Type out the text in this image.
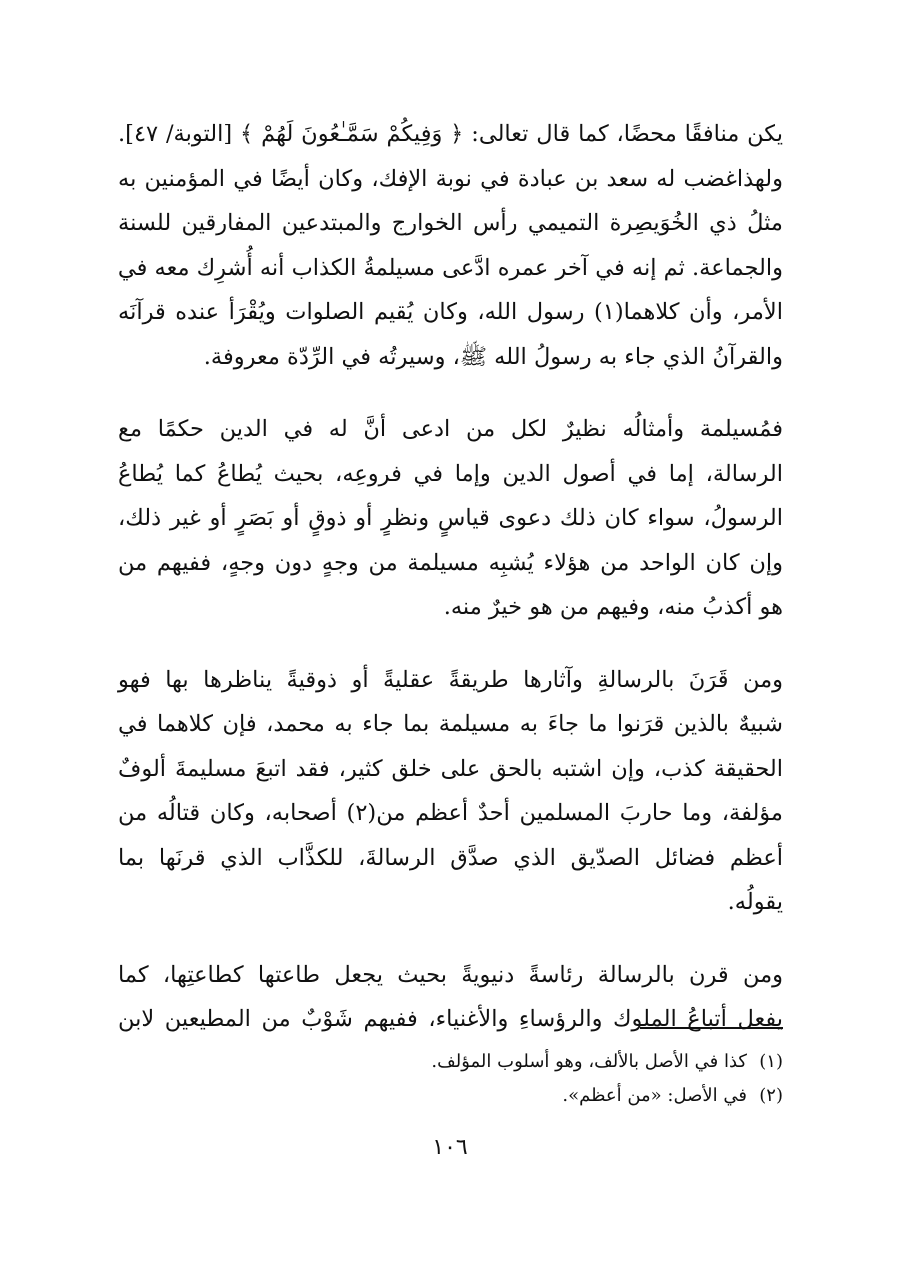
يكن منافقًا محضًا، كما قال تعالى: ﴿ وَفِيكُمْ سَمَّـٰعُونَ لَهُمْ ﴾ [التوبة/ ٤٧].
ولهذاغضب له سعد بن عبادة في نوبة الإفك، وكان أيضًا في المؤمنين به
مثلُ ذي الخُوَيصِرة التميمي رأس الخوارج والمبتدعين المفارقين للسنة
والجماعة. ثم إنه في آخر عمره ادَّعى مسيلمةُ الكذاب أنه أُشرِك معه في
الأمر، وأن كلاهما(١) رسول الله، وكان يُقيم الصلوات ويُقْرَأ عنده قرآنَه
والقرآنُ الذي جاء به رسولُ الله ﷺ، وسيرتُه في الرِّدّة معروفة.

فمُسيلمة وأمثالُه نظيرٌ لكل من ادعى أنَّ له في الدين حكمًا مع
الرسالة، إما في أصول الدين وإما في فروعِه، بحيث يُطاعُ كما يُطاعُ
الرسولُ، سواء كان ذلك دعوى قياسٍ ونظرٍ أو ذوقٍ أو بَصَرٍ أو غير ذلك،
وإن كان الواحد من هؤلاء يُشبِه مسيلمة من وجهٍ دون وجهٍ، ففيهم من
هو أكذبُ منه، وفيهم من هو خيرٌ منه.

ومن قَرَنَ بالرسالةِ وآثارها طريقةً عقليةً أو ذوقيةً يناظرها بها فهو
شبيهٌ بالذين قرَنوا ما جاءَ به مسيلمة بما جاء به محمد، فإن كلاهما في
الحقيقة كذب، وإن اشتبه بالحق على خلق كثير، فقد اتبعَ مسليمةَ ألوفٌ
مؤلفة، وما حاربَ المسلمين أحدٌ أعظم من(٢) أصحابه، وكان قتالُه من
أعظم فضائل الصدّيق الذي صدَّق الرسالةَ، للكذَّاب الذي قرنَها بما
يقولُه.

ومن قرن بالرسالة رئاسةً دنيويةً بحيث يجعل طاعتها كطاعتِها، كما
يفعل أتباعُ الملوك والرؤساءِ والأغنياء، ففيهم شَوْبٌ من المطيعين لابن

(١)
كذا في الأصل بالألف، وهو أسلوب المؤلف.
(٢)
في الأصل: «من أعظم».
١٠٦
